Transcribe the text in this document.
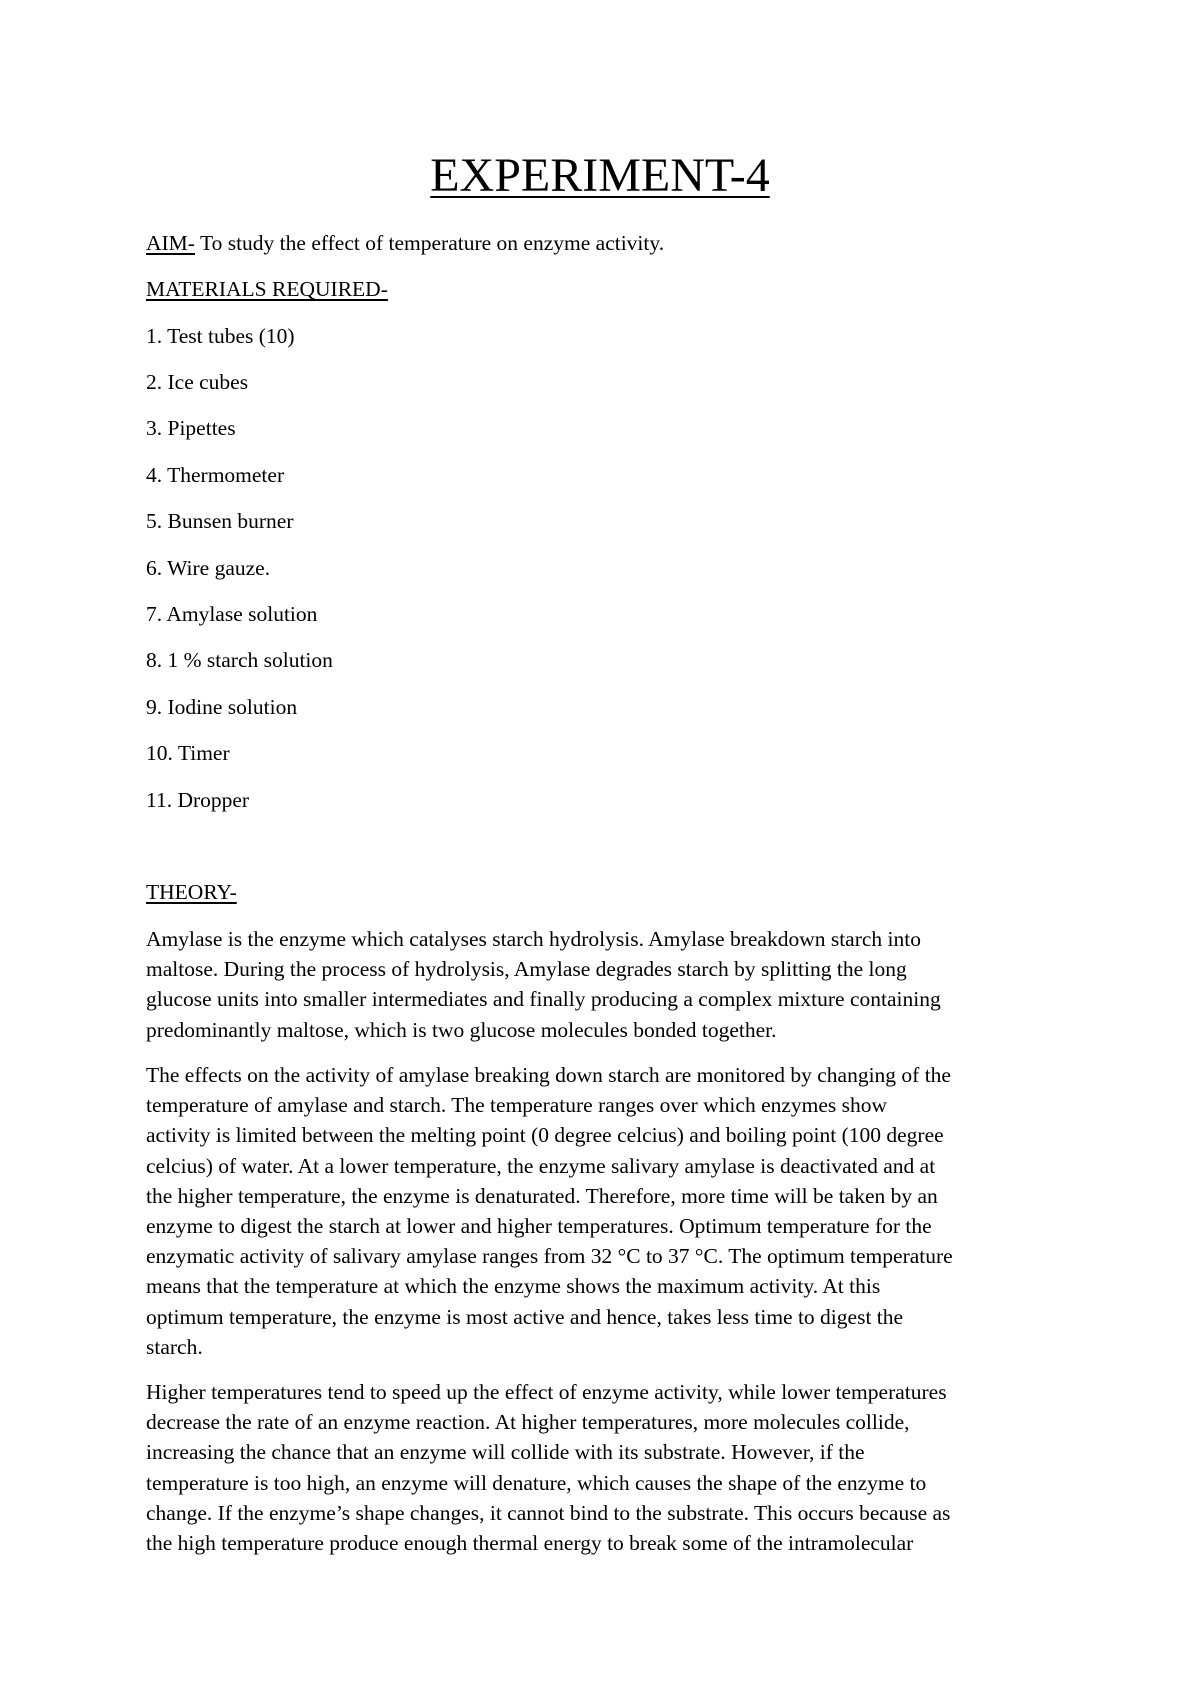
EXPERIMENT-4
AIM- To study the effect of temperature on enzyme activity.
MATERIALS REQUIRED-
1. Test tubes (10)
2. Ice cubes
3. Pipettes
4. Thermometer
5. Bunsen burner
6. Wire gauze.
7. Amylase solution
8. 1 % starch solution
9. Iodine solution
10. Timer
11. Dropper
THEORY-
Amylase is the enzyme which catalyses starch hydrolysis. Amylase breakdown starch into
maltose. During the process of hydrolysis, Amylase degrades starch by splitting the long
glucose units into smaller intermediates and finally producing a complex mixture containing
predominantly maltose, which is two glucose molecules bonded together.
The effects on the activity of amylase breaking down starch are monitored by changing of the
temperature of amylase and starch. The temperature ranges over which enzymes show
activity is limited between the melting point (0 degree celcius) and boiling point (100 degree
celcius) of water. At a lower temperature, the enzyme salivary amylase is deactivated and at
the higher temperature, the enzyme is denaturated. Therefore, more time will be taken by an
enzyme to digest the starch at lower and higher temperatures. Optimum temperature for the
enzymatic activity of salivary amylase ranges from 32 °C to 37 °C. The optimum temperature
means that the temperature at which the enzyme shows the maximum activity. At this
optimum temperature, the enzyme is most active and hence, takes less time to digest the
starch.
Higher temperatures tend to speed up the effect of enzyme activity, while lower temperatures
decrease the rate of an enzyme reaction. At higher temperatures, more molecules collide,
increasing the chance that an enzyme will collide with its substrate. However, if the
temperature is too high, an enzyme will denature, which causes the shape of the enzyme to
change. If the enzyme’s shape changes, it cannot bind to the substrate. This occurs because as
the high temperature produce enough thermal energy to break some of the intramolecular
